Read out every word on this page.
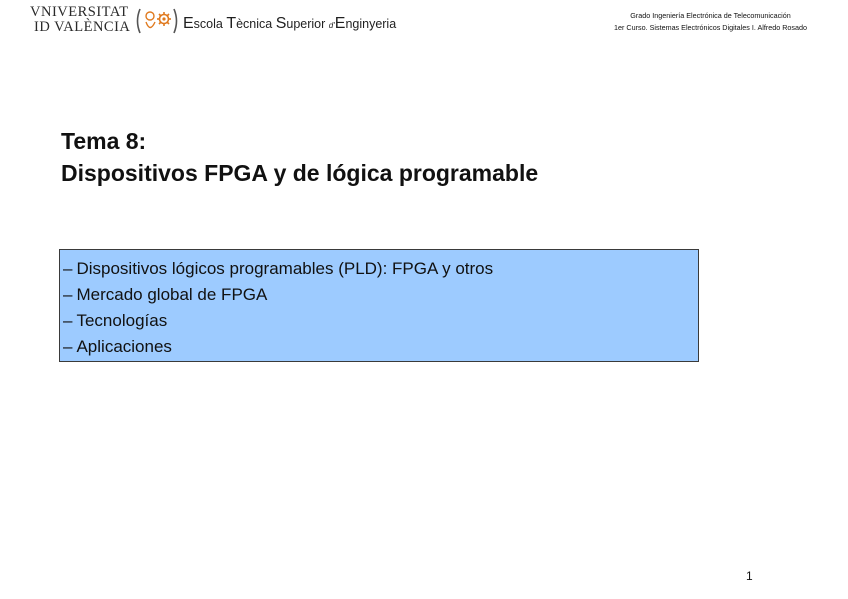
VNIVERSITAT
ID VALÈNCIA	Escola Tècnica Superior d'Enginyeria
Grado Ingeniería Electrónica de Telecomunicación
1er Curso. Sistemas Electrónicos Digitales I. Alfredo Rosado
Tema 8:
Dispositivos FPGA y de lógica programable
– Dispositivos lógicos programables (PLD): FPGA y otros
– Mercado global de FPGA
– Tecnologías
– Aplicaciones
1
